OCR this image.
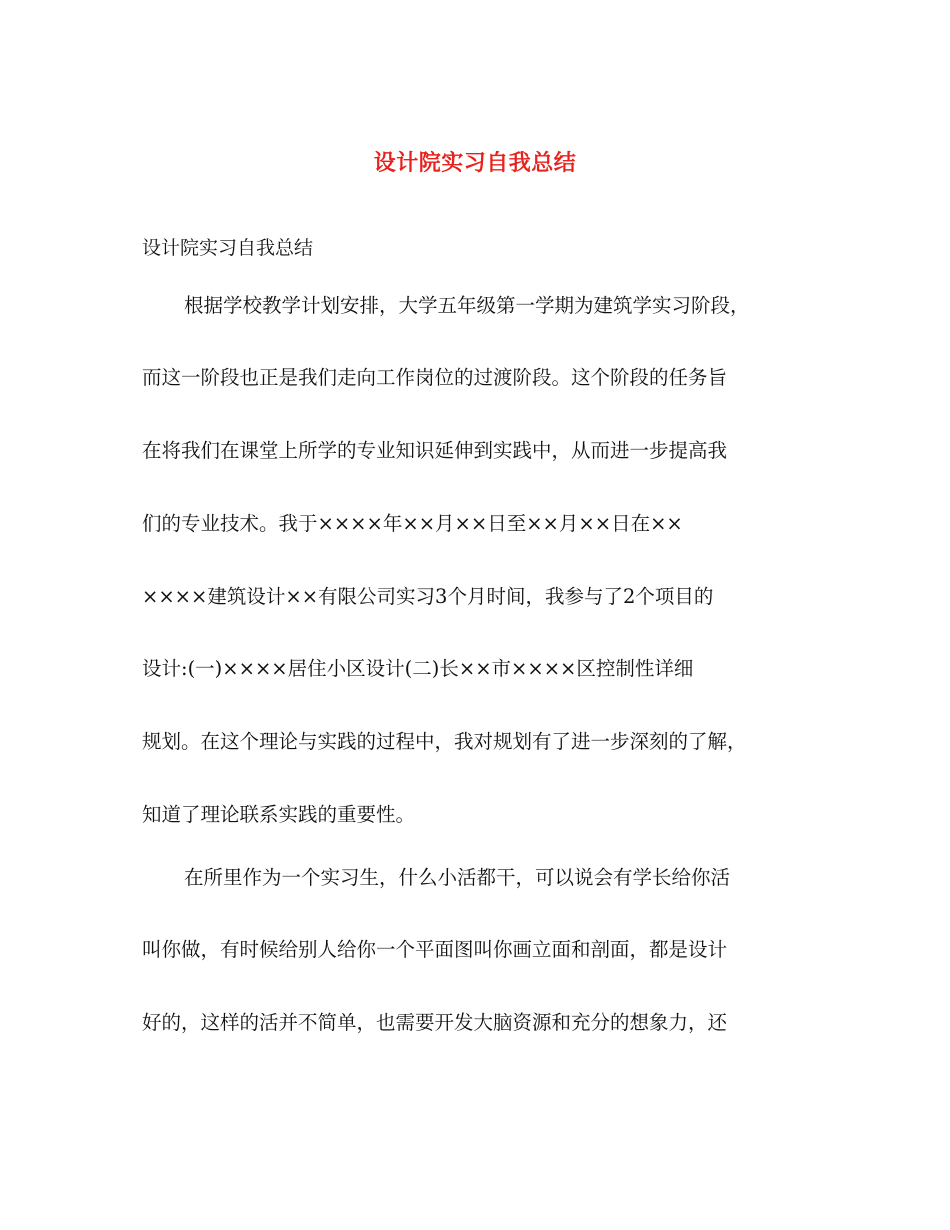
设计院实习自我总结
设计院实习自我总结
根据学校教学计划安排，大学五年级第一学期为建筑学实习阶段，
而这一阶段也正是我们走向工作岗位的过渡阶段。这个阶段的任务旨
在将我们在课堂上所学的专业知识延伸到实践中，从而进一步提高我
们的专业技术。我于××××年××月××日至××月××日在××
××××建筑设计××有限公司实习3个月时间，我参与了2个项目的
设计:(一)××××居住小区设计(二)长××市××××区控制性详细
规划。在这个理论与实践的过程中，我对规划有了进一步深刻的了解，
知道了理论联系实践的重要性。
在所里作为一个实习生，什么小活都干，可以说会有学长给你活
叫你做，有时候给别人给你一个平面图叫你画立面和剖面，都是设计
好的，这样的活并不简单，也需要开发大脑资源和充分的想象力，还
